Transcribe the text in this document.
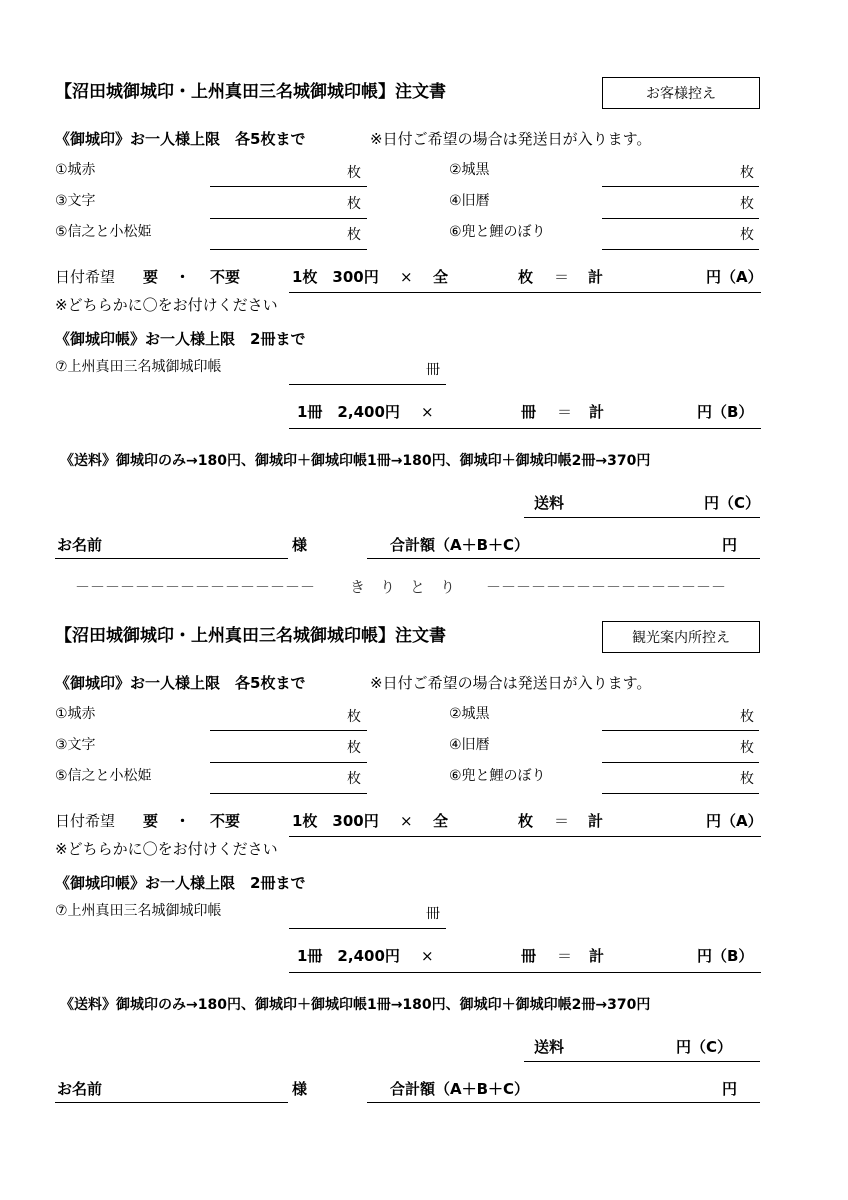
【沼田城御城印・上州真田三名城御城印帳】注文書	お客様控え
《御城印》お一人様上限　各5枚まで	※日付ご希望の場合は発送日が入ります。
①城赤	枚	②城黒	枚
③文字	枚	④旧暦	枚
⑤信之と小松姫	枚	⑥兜と鯉のぼり	枚
日付希望 要 ・ 不要	1枚　300円 × 全	枚 ＝ 計	円（A）
※どちらかに〇をお付けください
《御城印帳》お一人様上限　2冊まで
⑦上州真田三名城御城印帳	冊
1冊　2,400円 ×	冊 ＝ 計	円（B）
《送料》御城印のみ→180円、御城印＋御城印帳1冊→180円、御城印＋御城印帳2冊→370円
送料	円（C）
お名前	様	合計額（A＋B＋C）	円
－－－－－－－－－－－－－－－－ き　り　と　り －－－－－－－－－－－－－－－－
【沼田城御城印・上州真田三名城御城印帳】注文書	観光案内所控え
《御城印》お一人様上限　各5枚まで	※日付ご希望の場合は発送日が入ります。
①城赤	枚	②城黒	枚
③文字	枚	④旧暦	枚
⑤信之と小松姫	枚	⑥兜と鯉のぼり	枚
日付希望 要 ・ 不要	1枚　300円 × 全	枚 ＝ 計	円（A）
※どちらかに〇をお付けください
《御城印帳》お一人様上限　2冊まで
⑦上州真田三名城御城印帳	冊
1冊　2,400円 ×	冊 ＝ 計	円（B）
《送料》御城印のみ→180円、御城印＋御城印帳1冊→180円、御城印＋御城印帳2冊→370円
送料	円（C）
お名前	様	合計額（A＋B＋C）	円
